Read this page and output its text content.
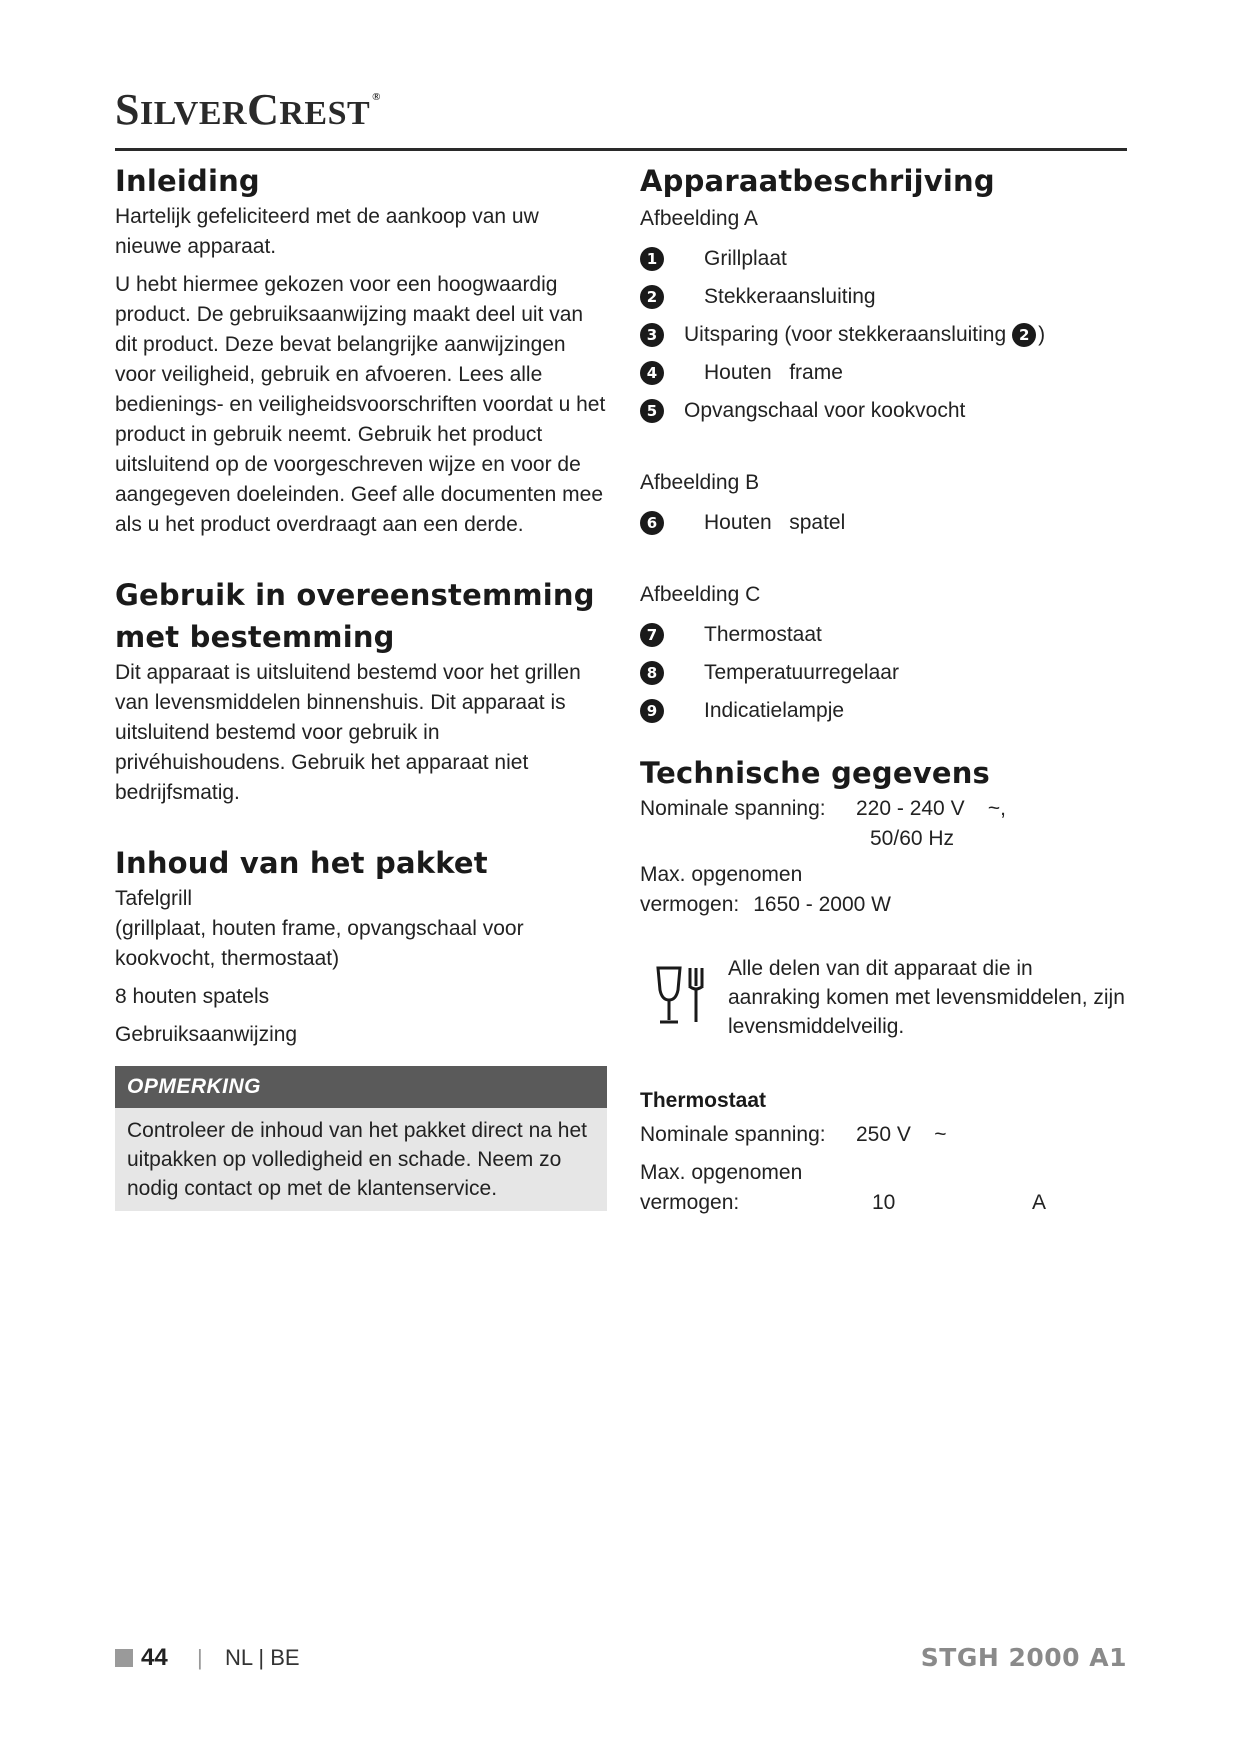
SILVERCREST ®
Inleiding

Hartelijk gefeliciteerd met de aankoop van uw nieuwe apparaat.

U hebt hiermee gekozen voor een hoogwaardig product. De gebruiksaanwijzing maakt deel uit van dit product. Deze bevat belangrijke aanwijzingen voor veiligheid, gebruik en afvoeren. Lees alle bedienings- en veiligheidsvoorschriften voordat u het product in gebruik neemt. Gebruik het product uitsluitend op de voorgeschreven wijze en voor de aangegeven doeleinden. Geef alle documenten mee als u het product overdraagt aan een derde.

Gebruik in overeenstemming
met bestemming

Dit apparaat is uitsluitend bestemd voor het grillen van levensmiddelen binnenshuis. Dit apparaat is uitsluitend bestemd voor gebruik in privéhuishoudens. Gebruik het apparaat niet bedrijfsmatig.

Inhoud van het pakket

Tafelgrill

(grillplaat, houten frame, opvangschaal voor kookvocht, thermostaat)

8 houten spatels

Gebruiksaanwijzing

OPMERKING
Controleer de inhoud van het pakket direct na het uitpakken op volledigheid en schade. Neem zo nodig contact op met de klantenservice.
Apparaatbeschrijving
Afbeelding A
1	Grillplaat
2	Stekkeraansluiting
3	Uitsparing (voor stekkeraansluiting 2 )
4	Houten   frame
5	Opvangschaal voor kookvocht
Afbeelding B
6	Houten   spatel
Afbeelding C
7	Thermostaat
8	Temperatuurregelaar
9	Indicatielampje
Technische gegevens
Nominale spanning:	220 - 240 V    ~,
50/60 Hz
Max. opgenomen
vermogen: 1650 - 2000 W
Alle delen van dit apparaat die in aanraking komen met levensmiddelen, zijn levensmiddelveilig.
Thermostaat
Nominale spanning:	250 V    ~
Max. opgenomen
vermogen:	10	A
44 | NL | BE	STGH 2000 A1
